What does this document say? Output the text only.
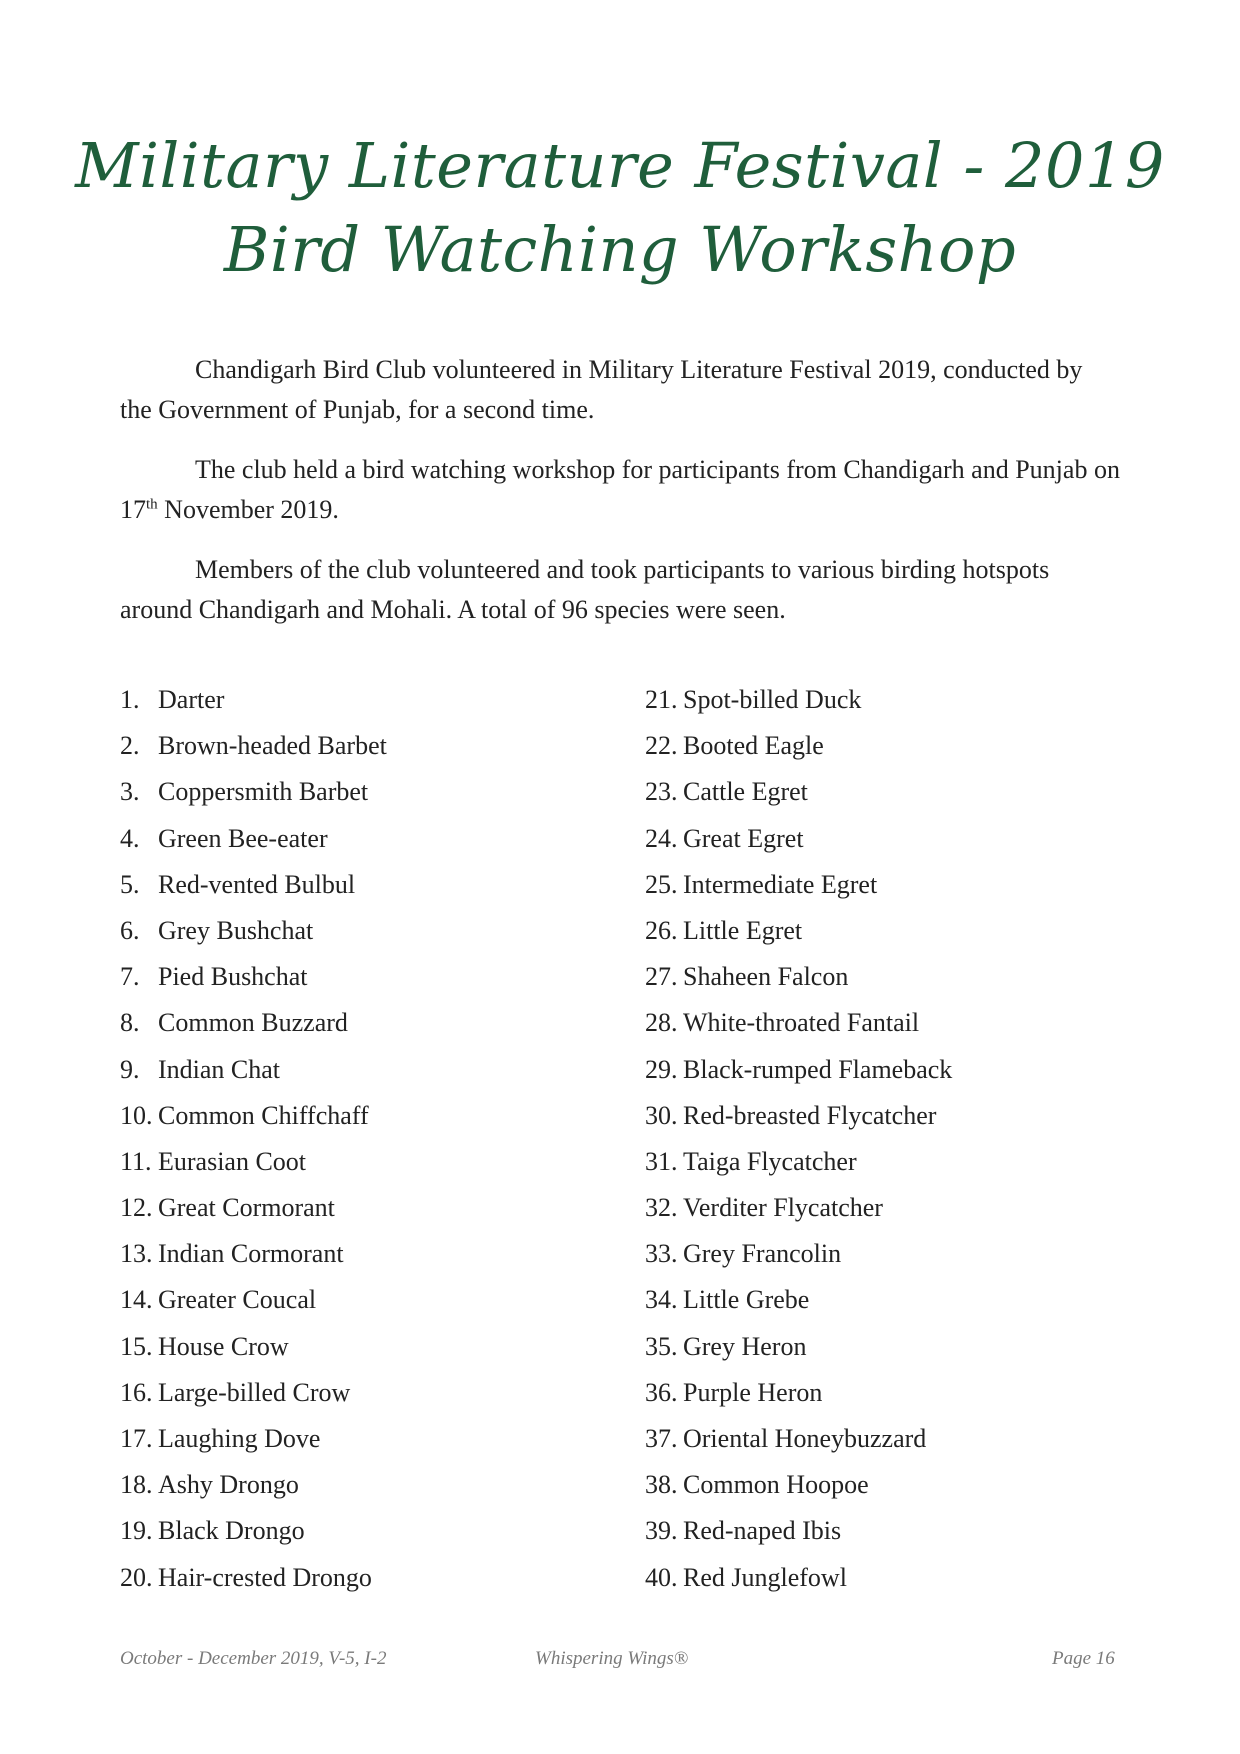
Military Literature Festival - 2019
Bird Watching Workshop

Chandigarh Bird Club volunteered in Military Literature Festival 2019, conducted by the Government of Punjab, for a second time.

The club held a bird watching workshop for participants from Chandigarh and Punjab on 17th November 2019.

Members of the club volunteered and took participants to various birding hotspots around Chandigarh and Mohali. A total of 96 species were seen.

1. Darter
2. Brown-headed Barbet
3. Coppersmith Barbet
4. Green Bee-eater
5. Red-vented Bulbul
6. Grey Bushchat
7. Pied Bushchat
8. Common Buzzard
9. Indian Chat
10. Common Chiffchaff
11. Eurasian Coot
12. Great Cormorant
13. Indian Cormorant
14. Greater Coucal
15. House Crow
16. Large-billed Crow
17. Laughing Dove
18. Ashy Drongo
19. Black Drongo
20. Hair-crested Drongo
21. Spot-billed Duck
22. Booted Eagle
23. Cattle Egret
24. Great Egret
25. Intermediate Egret
26. Little Egret
27. Shaheen Falcon
28. White-throated Fantail
29. Black-rumped Flameback
30. Red-breasted Flycatcher
31. Taiga Flycatcher
32. Verditer Flycatcher
33. Grey Francolin
34. Little Grebe
35. Grey Heron
36. Purple Heron
37. Oriental Honeybuzzard
38. Common Hoopoe
39. Red-naped Ibis
40. Red Junglefowl
October - December 2019, V-5, I-2	Whispering Wings®	Page 16
